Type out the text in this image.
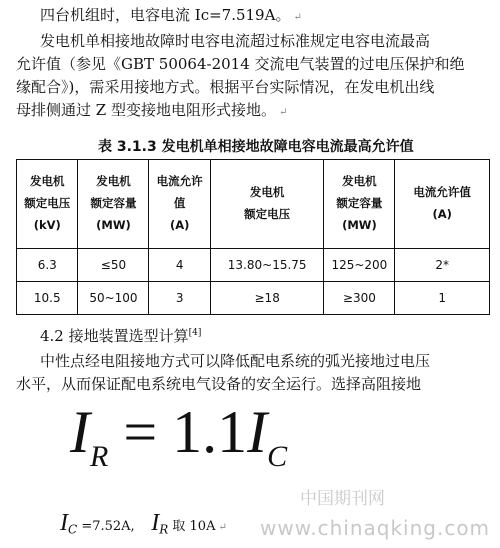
四台机组时，电容电流 Ic=7.519A。 ↵
发电机单相接地故障时电容电流超过标准规定电容电流最高
允许值（参见《GBT 50064-2014 交流电气装置的过电压保护和绝
缘配合》)，需采用接地方式。根据平台实际情况，在发电机出线
母排侧通过 Z 型变接地电阻形式接地。 ↵
表 3.1.3 发电机单相接地故障电容电流最高允许值
发电机
额定电压
(kV)	发电机
额定容量
(MW)	电流允许值
(A)	发电机
额定电压	发电机
额定容量
(MW)	电流允许值
(A)
6.3	≤50	4	13.80~15.75	125~200	2*
10.5	50~100	3	≥18	≥300	1
4.2 接地装置选型计算[4]
中性点经电阻接地方式可以降低配电系统的弧光接地过电压
水平，从而保证配电系统电气设备的安全运行。选择高阻接地
$I_R = 1.1I_C$
中国期刊网
www.chinaqking.com
$I_C =7.52A$, $I_R$ 取 10A ↵
